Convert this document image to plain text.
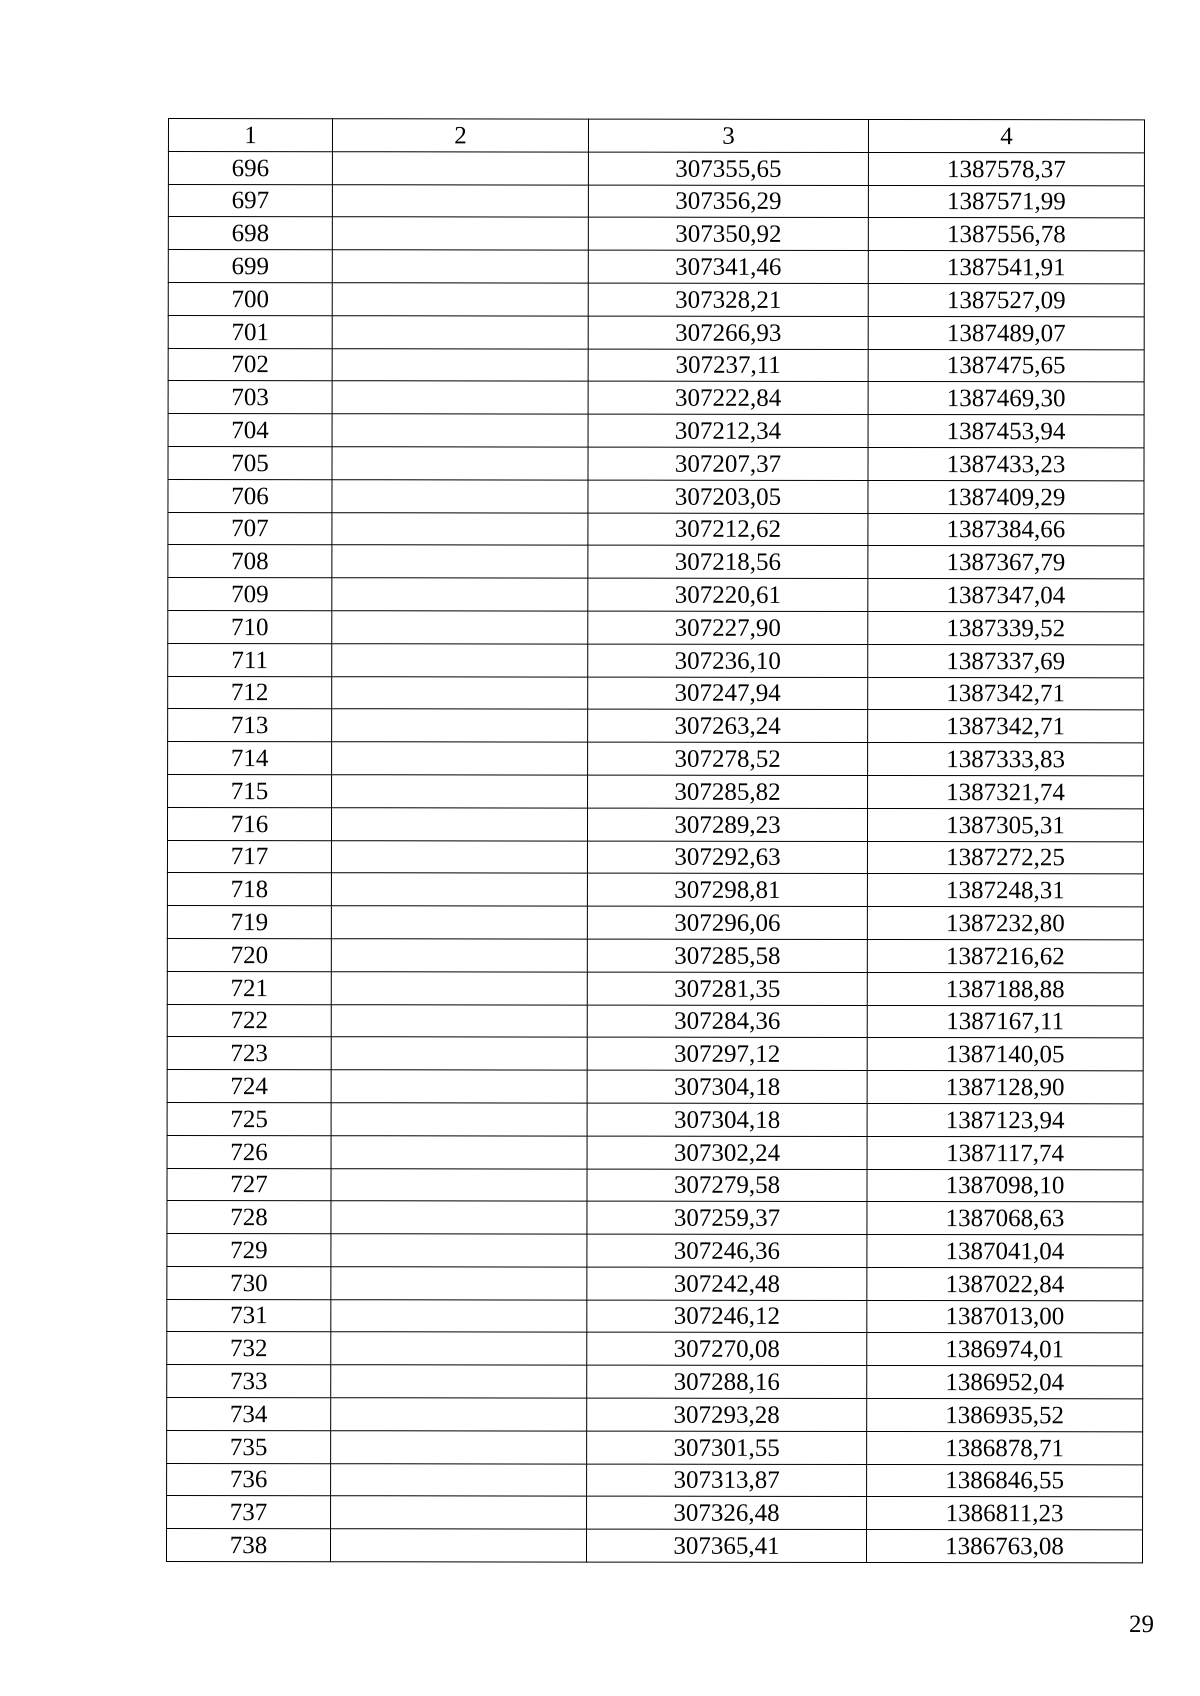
1	2	3	4
696		307355,65	1387578,37
697		307356,29	1387571,99
698		307350,92	1387556,78
699		307341,46	1387541,91
700		307328,21	1387527,09
701		307266,93	1387489,07
702		307237,11	1387475,65
703		307222,84	1387469,30
704		307212,34	1387453,94
705		307207,37	1387433,23
706		307203,05	1387409,29
707		307212,62	1387384,66
708		307218,56	1387367,79
709		307220,61	1387347,04
710		307227,90	1387339,52
711		307236,10	1387337,69
712		307247,94	1387342,71
713		307263,24	1387342,71
714		307278,52	1387333,83
715		307285,82	1387321,74
716		307289,23	1387305,31
717		307292,63	1387272,25
718		307298,81	1387248,31
719		307296,06	1387232,80
720		307285,58	1387216,62
721		307281,35	1387188,88
722		307284,36	1387167,11
723		307297,12	1387140,05
724		307304,18	1387128,90
725		307304,18	1387123,94
726		307302,24	1387117,74
727		307279,58	1387098,10
728		307259,37	1387068,63
729		307246,36	1387041,04
730		307242,48	1387022,84
731		307246,12	1387013,00
732		307270,08	1386974,01
733		307288,16	1386952,04
734		307293,28	1386935,52
735		307301,55	1386878,71
736		307313,87	1386846,55
737		307326,48	1386811,23
738		307365,41	1386763,08
29
